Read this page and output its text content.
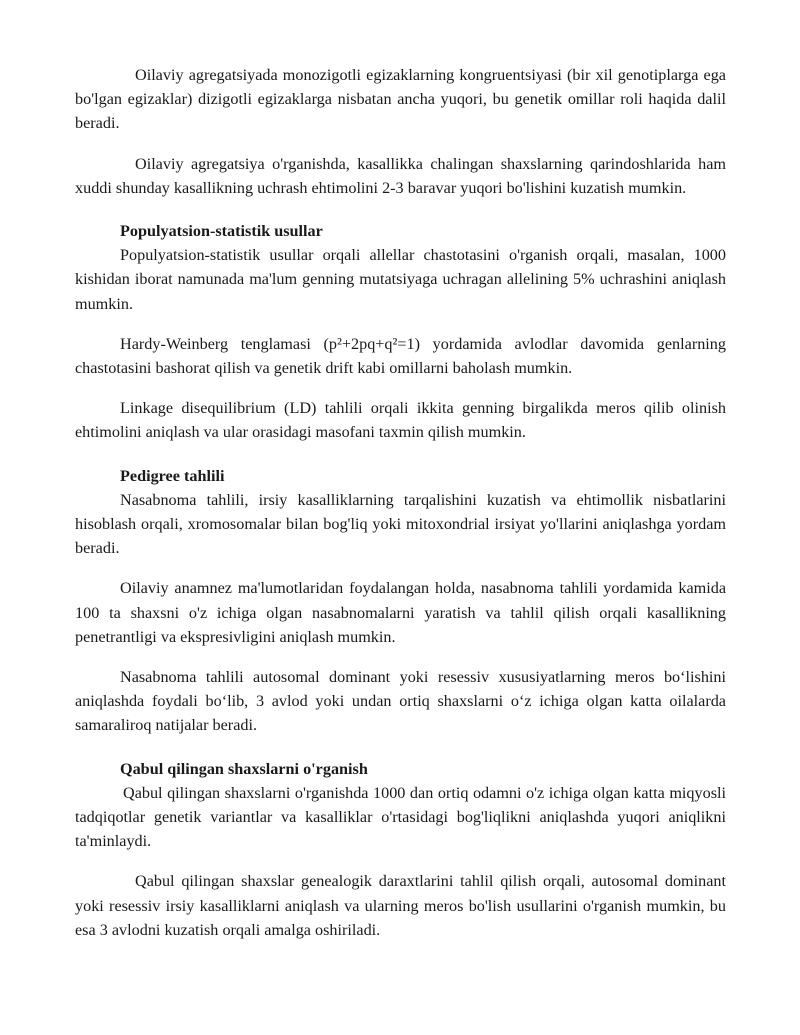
Oilaviy agregatsiyada monozigotli egizaklarning kongruentsiyasi (bir xil genotiplarga ega bo'lgan egizaklar) dizigotli egizaklarga nisbatan ancha yuqori, bu genetik omillar roli haqida dalil beradi.

Oilaviy agregatsiya o'rganishda, kasallikka chalingan shaxslarning qarindoshlarida ham xuddi shunday kasallikning uchrash ehtimolini 2-3 baravar yuqori bo'lishini kuzatish mumkin.

Populyatsion-statistik usullar

Populyatsion-statistik usullar orqali allellar chastotasini o'rganish orqali, masalan, 1000 kishidan iborat namunada ma'lum genning mutatsiyaga uchragan allelining 5% uchrashini aniqlash mumkin.

Hardy-Weinberg tenglamasi (p²+2pq+q²=1) yordamida avlodlar davomida genlarning chastotasini bashorat qilish va genetik drift kabi omillarni baholash mumkin.

Linkage disequilibrium (LD) tahlili orqali ikkita genning birgalikda meros qilib olinish ehtimolini aniqlash va ular orasidagi masofani taxmin qilish mumkin.

Pedigree tahlili

Nasabnoma tahlili, irsiy kasalliklarning tarqalishini kuzatish va ehtimollik nisbatlarini hisoblash orqali, xromosomalar bilan bog'liq yoki mitoxondrial irsiyat yo'llarini aniqlashga yordam beradi.

Oilaviy anamnez ma'lumotlaridan foydalangan holda, nasabnoma tahlili yordamida kamida 100 ta shaxsni o'z ichiga olgan nasabnomalarni yaratish va tahlil qilish orqali kasallikning penetrantligi va ekspresivligini aniqlash mumkin.

Nasabnoma tahlili autosomal dominant yoki resessiv xususiyatlarning meros bo‘lishini aniqlashda foydali bo‘lib, 3 avlod yoki undan ortiq shaxslarni o‘z ichiga olgan katta oilalarda samaraliroq natijalar beradi.

Qabul qilingan shaxslarni o'rganish

Qabul qilingan shaxslarni o'rganishda 1000 dan ortiq odamni o'z ichiga olgan katta miqyosli tadqiqotlar genetik variantlar va kasalliklar o'rtasidagi bog'liqlikni aniqlashda yuqori aniqlikni ta'minlaydi.

Qabul qilingan shaxslar genealogik daraxtlarini tahlil qilish orqali, autosomal dominant yoki resessiv irsiy kasalliklarni aniqlash va ularning meros bo'lish usullarini o'rganish mumkin, bu esa 3 avlodni kuzatish orqali amalga oshiriladi.
